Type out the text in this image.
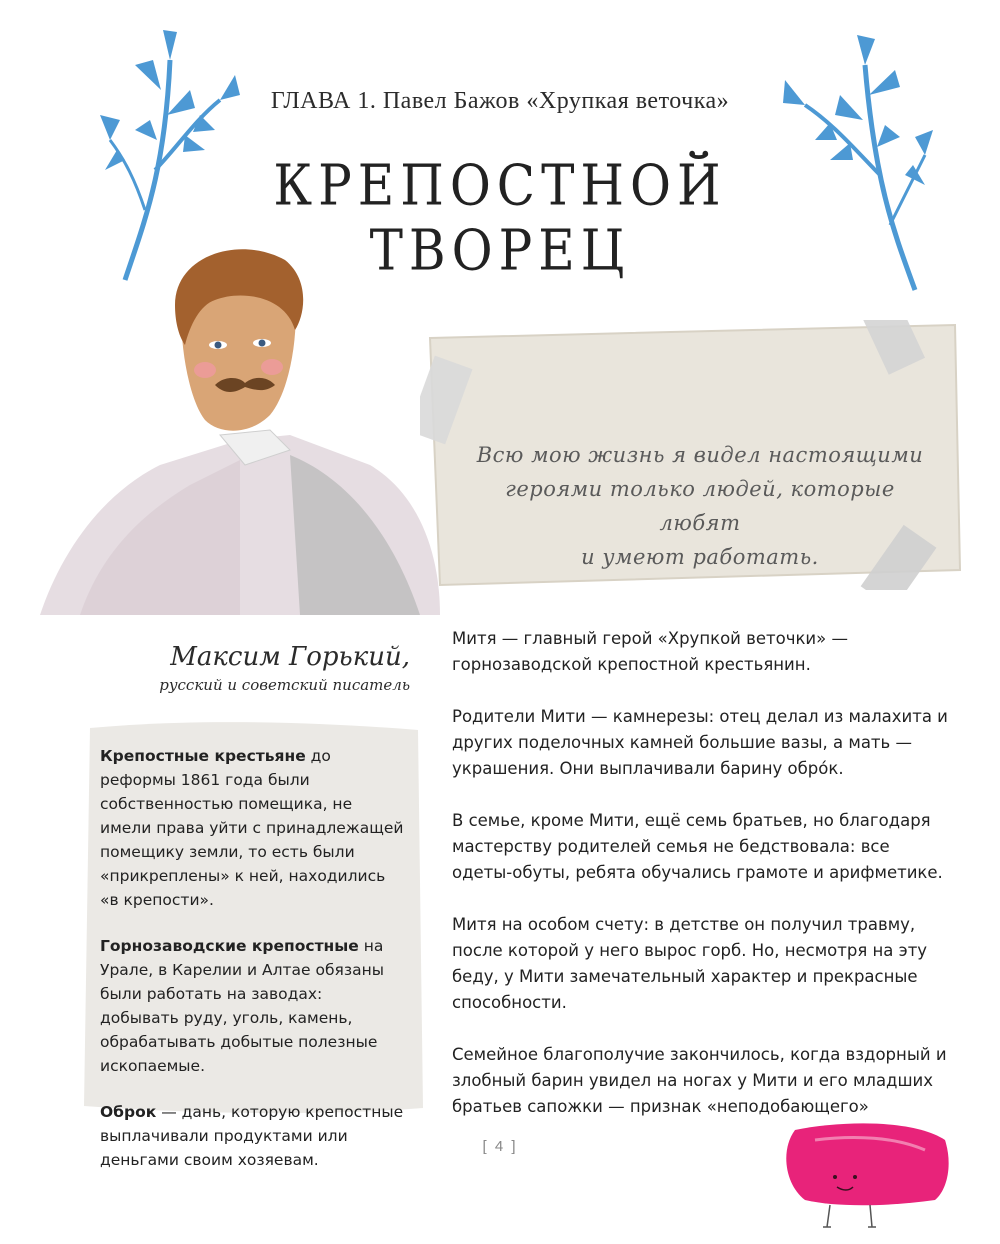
ГЛАВА 1. Павел Бажов «Хрупкая веточка»
КРЕПОСТНОЙ ТВОРЕЦ
Всю мою жизнь я видел настоящими
героями только людей, которые любят
и умеют работать.
Максим Горький,
русский и советский писатель

Крепостные крестьяне до реформы 1861 года были собственностью помещика, не имели права уйти с принадлежащей помещику земли, то есть были «прикреплены» к ней, находились «в крепости».

Горнозаводские крепостные на Урале, в Карелии и Алтае обязаны были работать на заводах: добывать руду, уголь, камень, обрабатывать добытые полезные ископаемые.

Оброк — дань, которую крепостные выплачивали продуктами или деньгами своим хозяевам.

Митя — главный герой «Хрупкой веточки» — горнозаводской крепостной крестьянин.

Родители Мити — камнерезы: отец делал из малахита и других поделочных камней большие вазы, а мать — украшения. Они выплачивали барину обро́к.

В семье, кроме Мити, ещё семь братьев, но благодаря мастерству родителей семья не бедствовала: все одеты-обуты, ребята обучались грамоте и арифметике.

Митя на особом счету: в детстве он получил травму, после которой у него вырос горб. Но, несмотря на эту беду, у Мити замечательный характер и прекрасные способности.

Семейное благополучие закончилось, когда вздорный и злобный барин увидел на ногах у Мити и его младших братьев сапожки — признак «неподобающего»

[ 4 ]
